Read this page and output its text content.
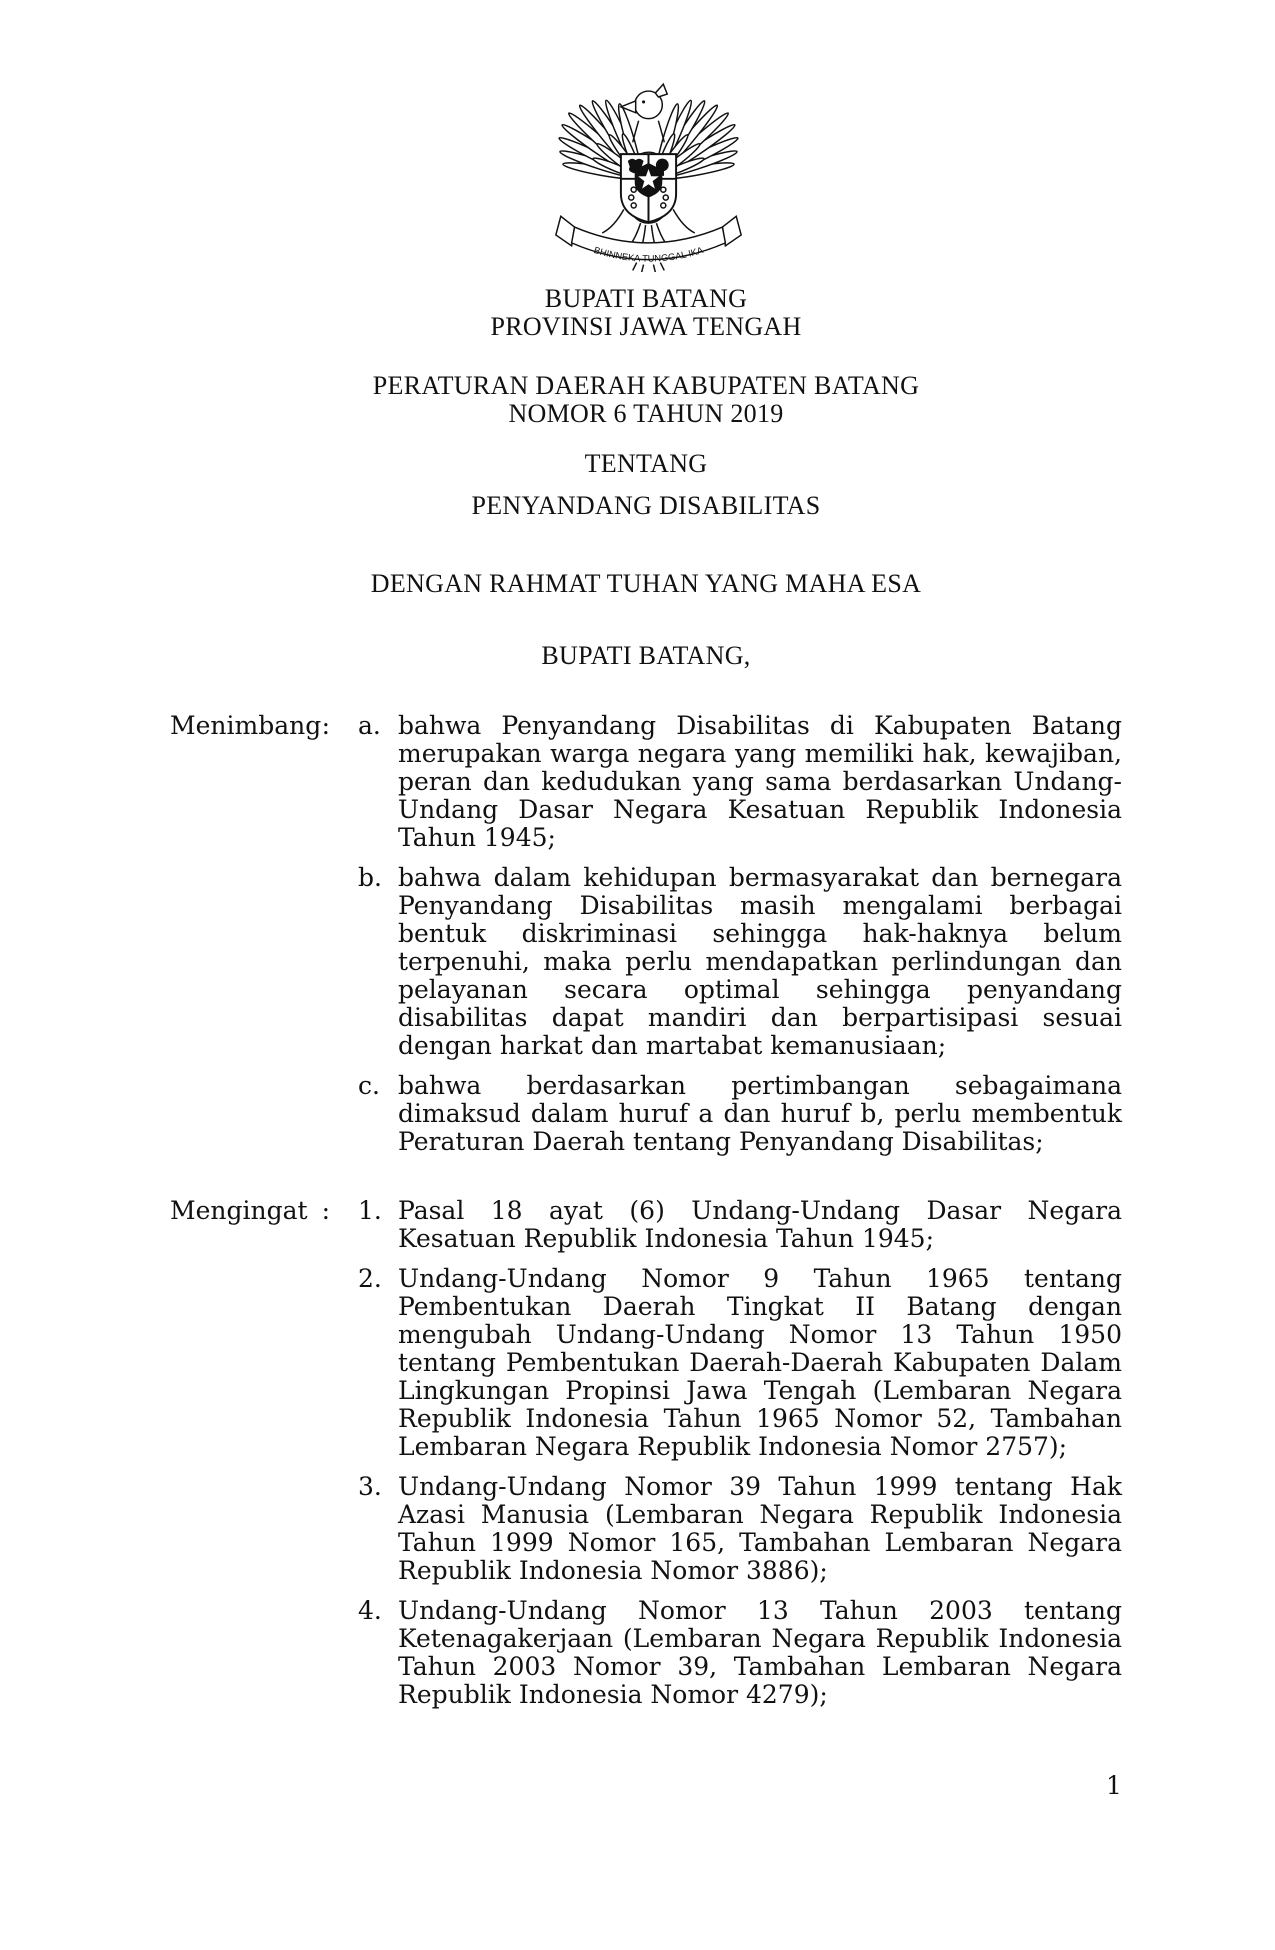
BHINNEKA TUNGGAL IKA
BUPATI BATANG
PROVINSI JAWA TENGAH
PERATURAN DAERAH KABUPATEN BATANG
NOMOR 6 TAHUN 2019
TENTANG
PENYANDANG DISABILITAS
DENGAN RAHMAT TUHAN YANG MAHA ESA
BUPATI BATANG,
Menimbang : a. bahwa Penyandang Disabilitas di Kabupaten Batang merupakan warga negara yang memiliki hak, kewajiban, peran dan kedudukan yang sama berdasarkan Undang-Undang Dasar Negara Kesatuan Republik Indonesia Tahun 1945;
b. bahwa dalam kehidupan bermasyarakat dan bernegara Penyandang Disabilitas masih mengalami berbagai bentuk diskriminasi sehingga hak-haknya belum terpenuhi, maka perlu mendapatkan perlindungan dan pelayanan secara optimal sehingga penyandang disabilitas dapat mandiri dan berpartisipasi sesuai dengan harkat dan martabat kemanusiaan;
c. bahwa berdasarkan pertimbangan sebagaimana dimaksud dalam huruf a dan huruf b, perlu membentuk Peraturan Daerah tentang Penyandang Disabilitas;
Mengingat : 1. Pasal 18 ayat (6) Undang-Undang Dasar Negara Kesatuan Republik Indonesia Tahun 1945;
2. Undang-Undang Nomor 9 Tahun 1965 tentang Pembentukan Daerah Tingkat II Batang dengan mengubah Undang-Undang Nomor 13 Tahun 1950 tentang Pembentukan Daerah-Daerah Kabupaten Dalam Lingkungan Propinsi Jawa Tengah (Lembaran Negara Republik Indonesia Tahun 1965 Nomor 52, Tambahan Lembaran Negara Republik Indonesia Nomor 2757);
3. Undang-Undang Nomor 39 Tahun 1999 tentang Hak Azasi Manusia (Lembaran Negara Republik Indonesia Tahun 1999 Nomor 165, Tambahan Lembaran Negara Republik Indonesia Nomor 3886);
4. Undang-Undang Nomor 13 Tahun 2003 tentang Ketenagakerjaan (Lembaran Negara Republik Indonesia Tahun 2003 Nomor 39, Tambahan Lembaran Negara Republik Indonesia Nomor 4279);
1
